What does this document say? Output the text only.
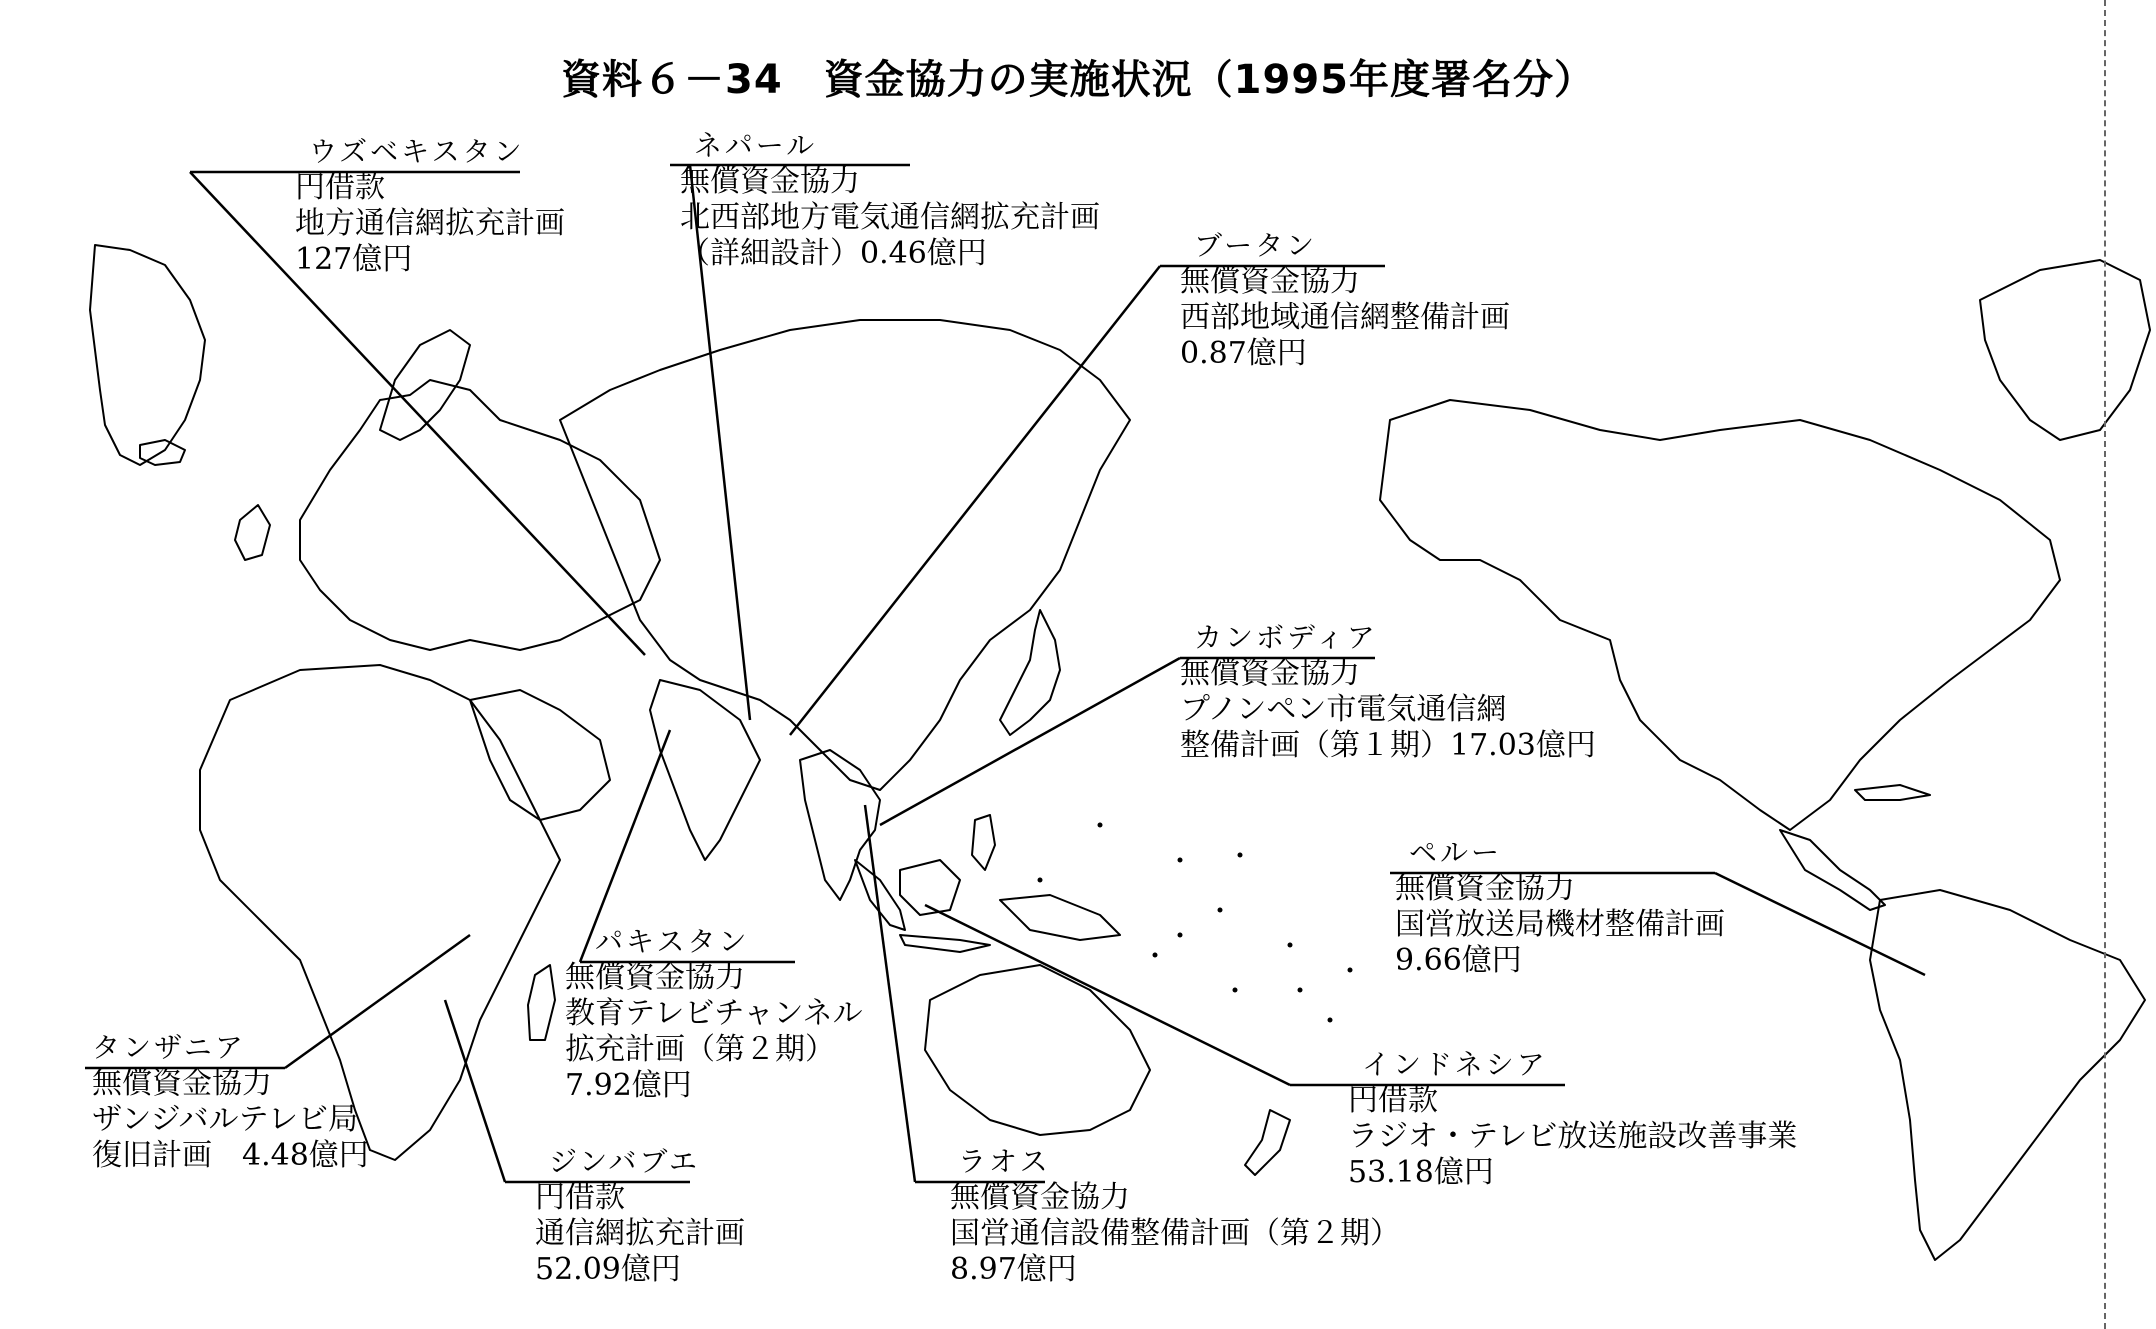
資料６－34　 資金協力の実施状況（1995年度署名分）
ウズベキスタン
円借款
地方通信網拡充計画
127億円
ネパール
無償資金協力
北西部地方電気通信網拡充計画
（詳細設計）0.46億円	ブータン
無償資金協力
西部地域通信網整備計画
0.87億円
カンボディア
無償資金協力
プノンペン市電気通信網
整備計画（第１期）17.03億円
ペルー
無償資金協力
国営放送局機材整備計画
9.66億円
パキスタン
無償資金協力
教育テレビチャンネル
拡充計画（第２期）
7.92億円
タンザニア
無償資金協力
ザンジバルテレビ局
復旧計画　4.48億円	ジンバブエ
円借款
通信網拡充計画
52.09億円
ラオス
無償資金協力
国営通信設備整備計画（第２期）
8.97億円
インドネシア
円借款
ラジオ・テレビ放送施設改善事業
53.18億円
